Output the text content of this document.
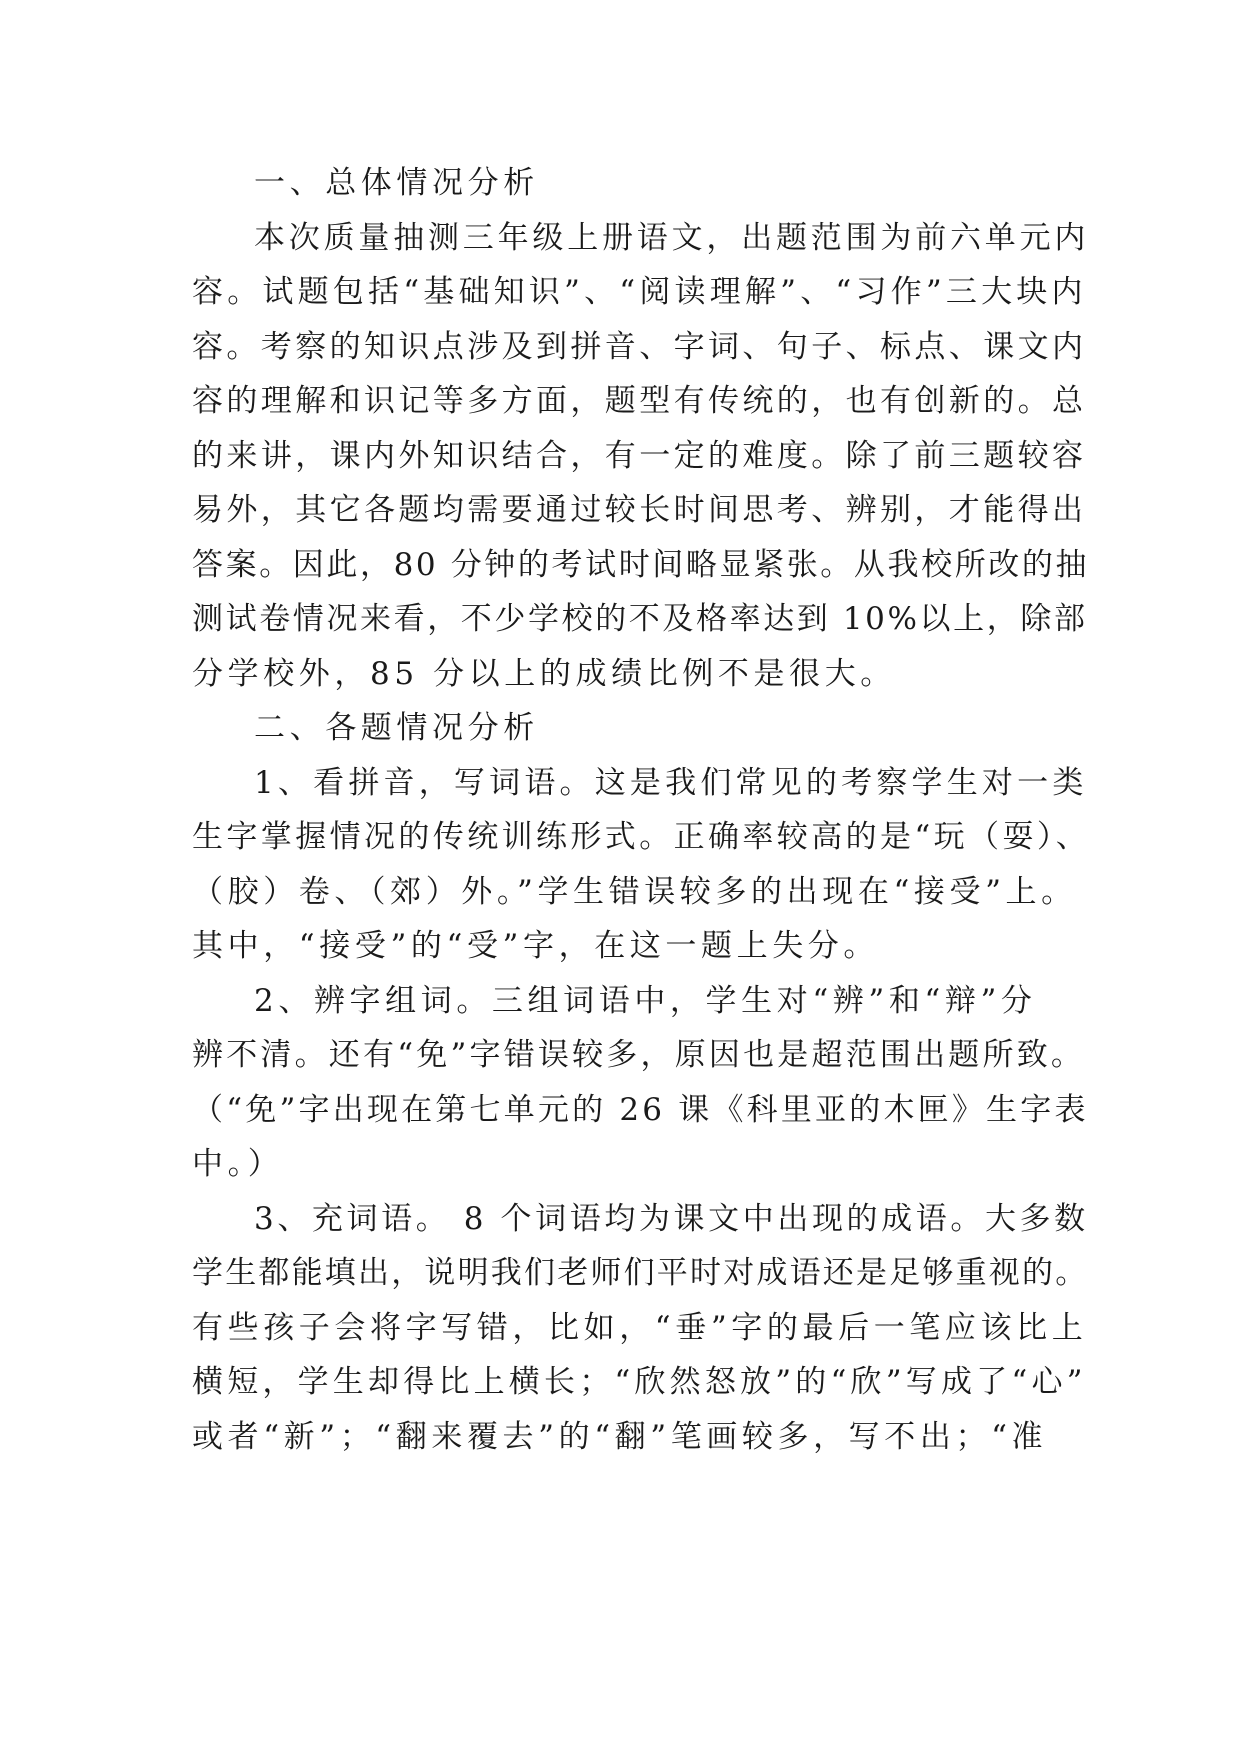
一、总体情况分析
本次质量抽测三年级上册语文，出题范围为前六单元内
容。试题包括“基础知识”、“阅读理解”、“习作”三大块内
容。考察的知识点涉及到拼音、字词、句子、标点、课文内
容的理解和识记等多方面，题型有传统的，也有创新的。总
的来讲，课内外知识结合，有一定的难度。除了前三题较容
易外，其它各题均需要通过较长时间思考、辨别，才能得出
答案。因此，80 分钟的考试时间略显紧张。从我校所改的抽
测试卷情况来看，不少学校的不及格率达到 10%以上，除部
分学校外，85 分以上的成绩比例不是很大。
二、各题情况分析
1、看拼音，写词语。这是我们常见的考察学生对一类
生字掌握情况的传统训练形式。正确率较高的是“玩（耍）、
（胶）卷、（郊）外。”学生错误较多的出现在“接受”上。
其中，“接受”的“受”字，在这一题上失分。
2、辨字组词。三组词语中，学生对“辨”和“辩”分
辨不清。还有“免”字错误较多，原因也是超范围出题所致。
（“免”字出现在第七单元的 26 课《科里亚的木匣》生字表
中。）
3、充词语。 8 个词语均为课文中出现的成语。大多数
学生都能填出，说明我们老师们平时对成语还是足够重视的。
有些孩子会将字写错，比如，“垂”字的最后一笔应该比上
横短，学生却得比上横长；“欣然怒放”的“欣”写成了“心”
或者“新”；“翻来覆去”的“翻”笔画较多，写不出；“准
